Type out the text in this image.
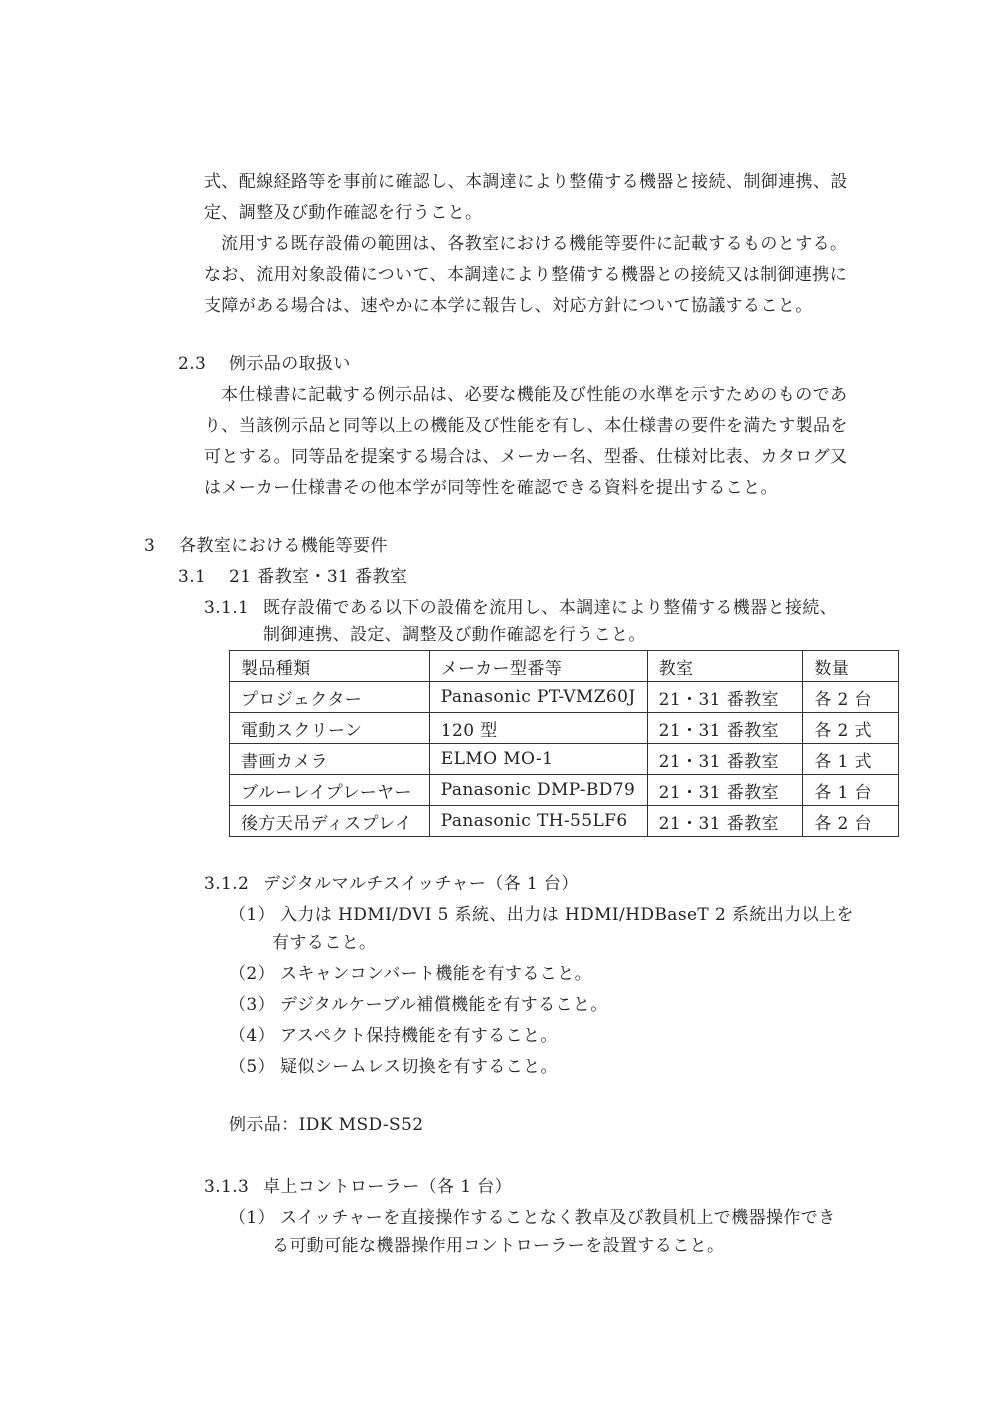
式、配線経路等を事前に確認し、本調達により整備する機器と接続、制御連携、設
定、調整及び動作確認を行うこと。
流用する既存設備の範囲は、各教室における機能等要件に記載するものとする。
なお、流用対象設備について、本調達により整備する機器との接続又は制御連携に
支障がある場合は、速やかに本学に報告し、対応方針について協議すること。
2.3 例示品の取扱い
本仕様書に記載する例示品は、必要な機能及び性能の水準を示すためのものであ
り、当該例示品と同等以上の機能及び性能を有し、本仕様書の要件を満たす製品を
可とする。同等品を提案する場合は、メーカー名、型番、仕様対比表、カタログ又
はメーカー仕様書その他本学が同等性を確認できる資料を提出すること。
3 各教室における機能等要件
3.1 21 番教室・31 番教室
3.1.1 既存設備である以下の設備を流用し、本調達により整備する機器と接続、
制御連携、設定、調整及び動作確認を行うこと。
製品種類	メーカー型番等	教室	数量
プロジェクター	Panasonic PT-VMZ60J	21・31 番教室	各 2 台
電動スクリーン	120 型	21・31 番教室	各 2 式
書画カメラ	ELMO MO-1	21・31 番教室	各 1 式
ブルーレイプレーヤー	Panasonic DMP-BD79	21・31 番教室	各 1 台
後方天吊ディスプレイ	Panasonic TH-55LF6	21・31 番教室	各 2 台
3.1.2 デジタルマルチスイッチャー（各 1 台）
（1） 入力は HDMI/DVI 5 系統、出力は HDMI/HDBaseT 2 系統出力以上を
有すること。
（2） スキャンコンバート機能を有すること。
（3） デジタルケーブル補償機能を有すること。
（4） アスペクト保持機能を有すること。
（5） 疑似シームレス切換を有すること。
例示品：IDK MSD-S52
3.1.3 卓上コントローラー（各 1 台）
（1） スイッチャーを直接操作することなく教卓及び教員机上で機器操作でき
る可動可能な機器操作用コントローラーを設置すること。
